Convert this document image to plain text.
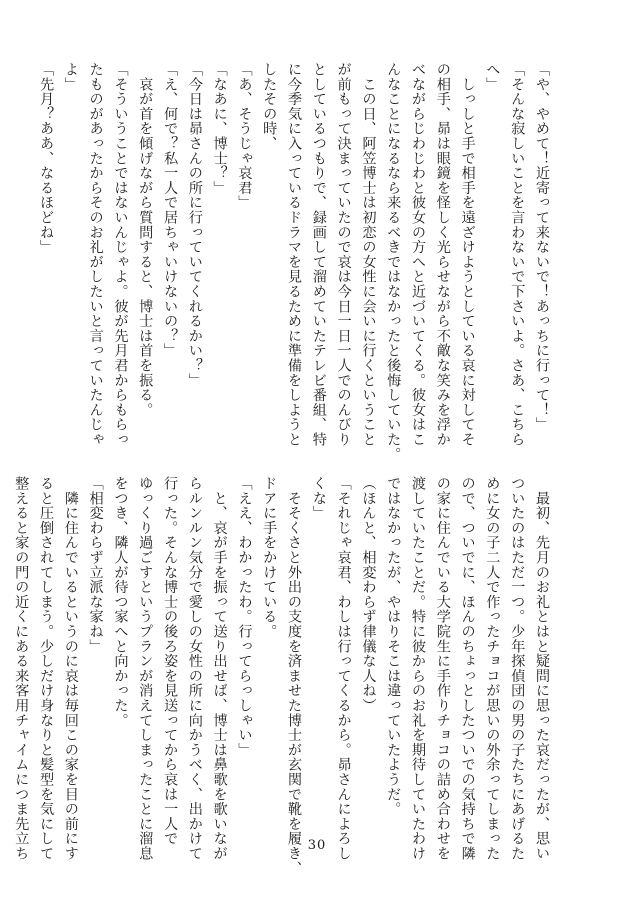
「や、やめて！近寄って来ないで！あっちに行って！」
「そんな寂しいことを言わないで下さいよ。さあ、こちら
へ」
　しっしと手で相手を遠ざけようとしている哀に対してそ
の相手、昴は眼鏡を怪しく光らせながら不敵な笑みを浮か
べながらじわじわと彼女の方へと近づいてくる。彼女はこ
んなことになるなら来るべきではなかったと後悔していた。
　この日、阿笠博士は初恋の女性に会いに行くということ
が前もって決まっていたので哀は今日一日一人でのんびり
としているつもりで、録画して溜めていたテレビ番組、特
に今季気に入っているドラマを見るために準備をしようと
したその時、
「あ、そうじゃ哀君」
「なあに、博士？」
「今日は昴さんの所に行っていてくれるかい？」
「え、何で？私一人で居ちゃいけないの？」
　哀が首を傾げながら質問すると、博士は首を振る。
「そういうことではないんじゃよ。彼が先月君からもらっ
たものがあったからそのお礼がしたいと言っていたんじゃ
よ」
「先月？ああ、なるほどね」
　最初、先月のお礼とはと疑問に思った哀だったが、思い
ついたのはただ一つ。少年探偵団の男の子たちにあげるた
めに女の子二人で作ったチョコが思いの外余ってしまった
ので、ついでに、ほんのちょっとしたついでの気持ちで隣
の家に住んでいる大学院生に手作りチョコの詰め合わせを
渡していたことだ。特に彼からのお礼を期待していたわけ
ではなかったが、やはりそこは違っていたようだ。
（ほんと、相変わらず律儀な人ね）
「それじゃ哀君、わしは行ってくるから。昴さんによろし
くな」
　そそくさと外出の支度を済ませた博士が玄関で靴を履き、
ドアに手をかけている。
「ええ、わかったわ。行ってらっしゃい」
　と、哀が手を振って送り出せば、博士は鼻歌を歌いなが
らルンルン気分で愛しの女性の所に向かうべく、出かけて
行った。そんな博士の後ろ姿を見送ってから哀は一人で
ゆっくり過ごすというプランが消えてしまったことに溜息
をつき、隣人が待つ家へと向かった。
「相変わらず立派な家ね」
　隣に住んでいるというのに哀は毎回この家を目の前にす
ると圧倒されてしまう。少しだけ身なりと髪型を気にして
整えると家の門の近くにある来客用チャイムにつま先立ち	30
